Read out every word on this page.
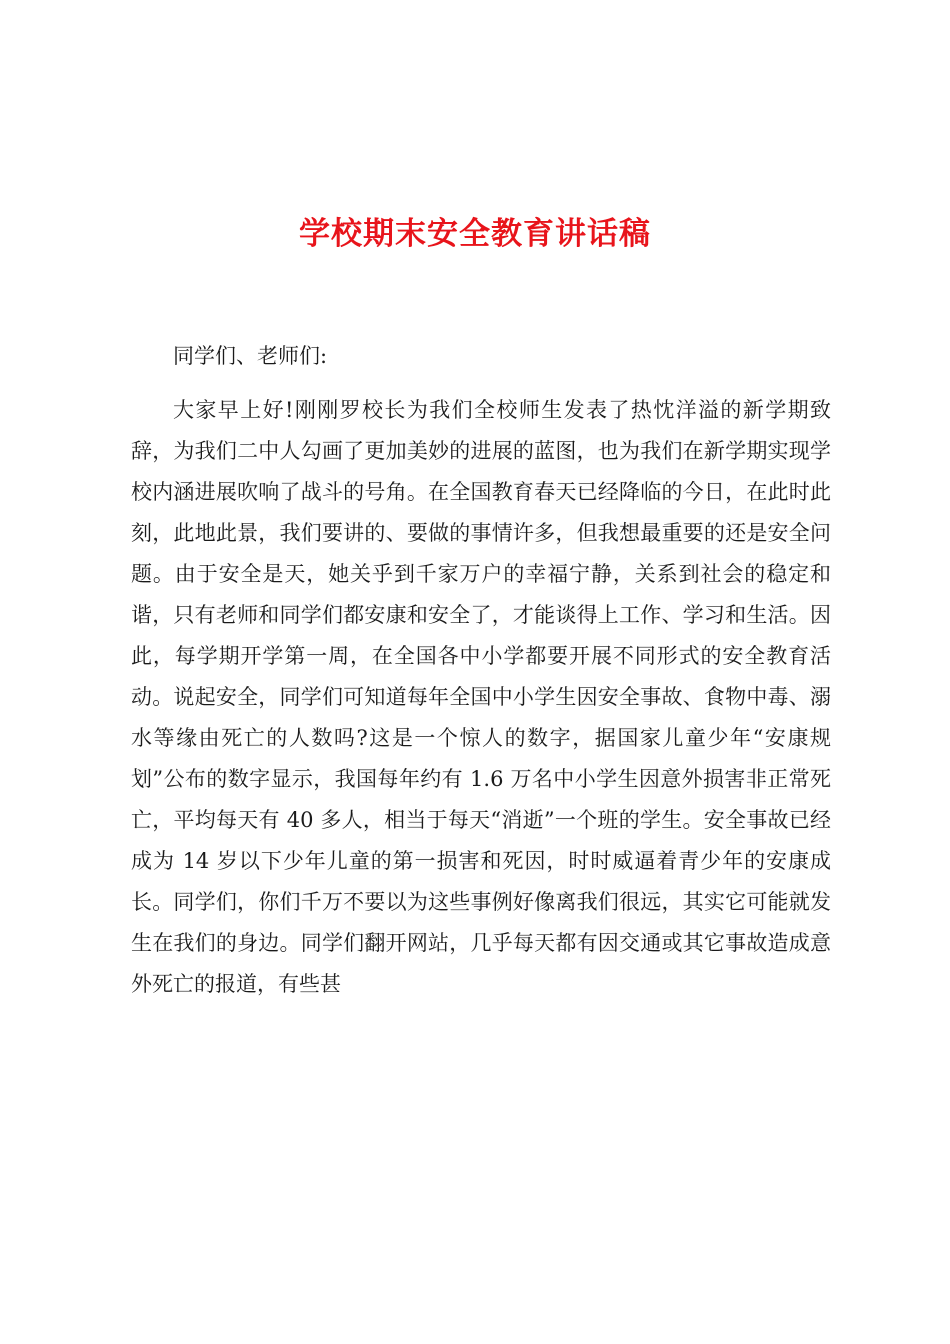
学校期末安全教育讲话稿

同学们、老师们:

大家早上好!刚刚罗校长为我们全校师生发表了热忱洋溢的新学期致辞，为我们二中人勾画了更加美妙的进展的蓝图，也为我们在新学期实现学校内涵进展吹响了战斗的号角。在全国教育春天已经降临的今日，在此时此刻，此地此景，我们要讲的、要做的事情许多，但我想最重要的还是安全问题。由于安全是天，她关乎到千家万户的幸福宁静，关系到社会的稳定和谐，只有老师和同学们都安康和安全了，才能谈得上工作、学习和生活。因此，每学期开学第一周，在全国各中小学都要开展不同形式的安全教育活动。说起安全，同学们可知道每年全国中小学生因安全事故、食物中毒、溺水等缘由死亡的人数吗?这是一个惊人的数字，据国家儿童少年“安康规划”公布的数字显示，我国每年约有 1.6 万名中小学生因意外损害非正常死亡，平均每天有 40 多人，相当于每天“消逝”一个班的学生。安全事故已经成为 14 岁以下少年儿童的第一损害和死因，时时威逼着青少年的安康成长。同学们，你们千万不要以为这些事例好像离我们很远，其实它可能就发生在我们的身边。同学们翻开网站，几乎每天都有因交通或其它事故造成意外死亡的报道，有些甚
